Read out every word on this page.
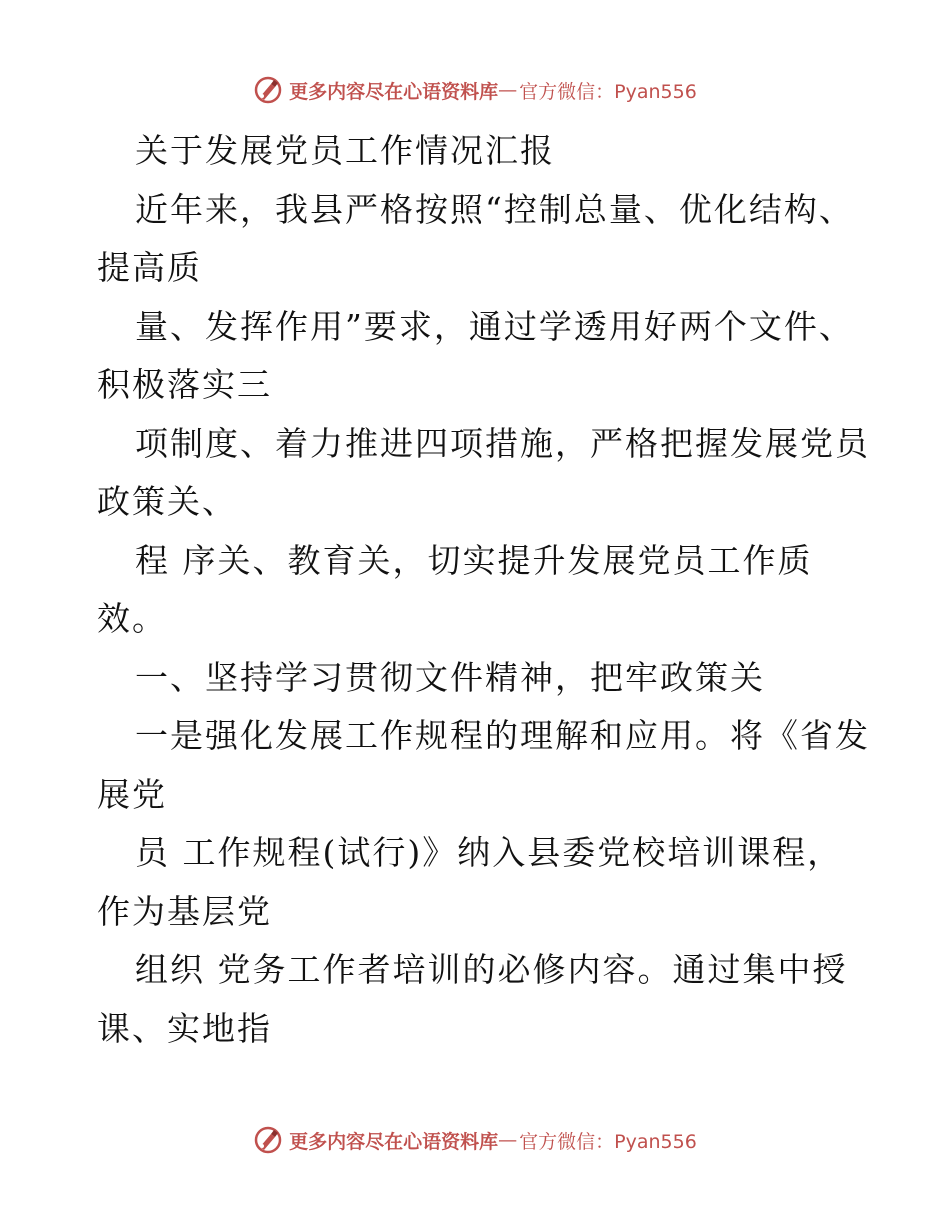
更多内容尽在心语资料库 — 官方微信：Pyan556
关于发展党员工作情况汇报
近年来，我县严格按照“控制总量、优化结构、
提高质
量、发挥作用”要求，通过学透用好两个文件、
积极落实三
项制度、着力推进四项措施，严格把握发展党员
政策关、
程 序关、教育关，切实提升发展党员工作质
效。
一、坚持学习贯彻文件精神，把牢政策关
一是强化发展工作规程的理解和应用。将《省发
展党
员 工作规程(试行)》纳入县委党校培训课程，
作为基层党
组织 党务工作者培训的必修内容。通过集中授
课、实地指
更多内容尽在心语资料库 — 官方微信：Pyan556
